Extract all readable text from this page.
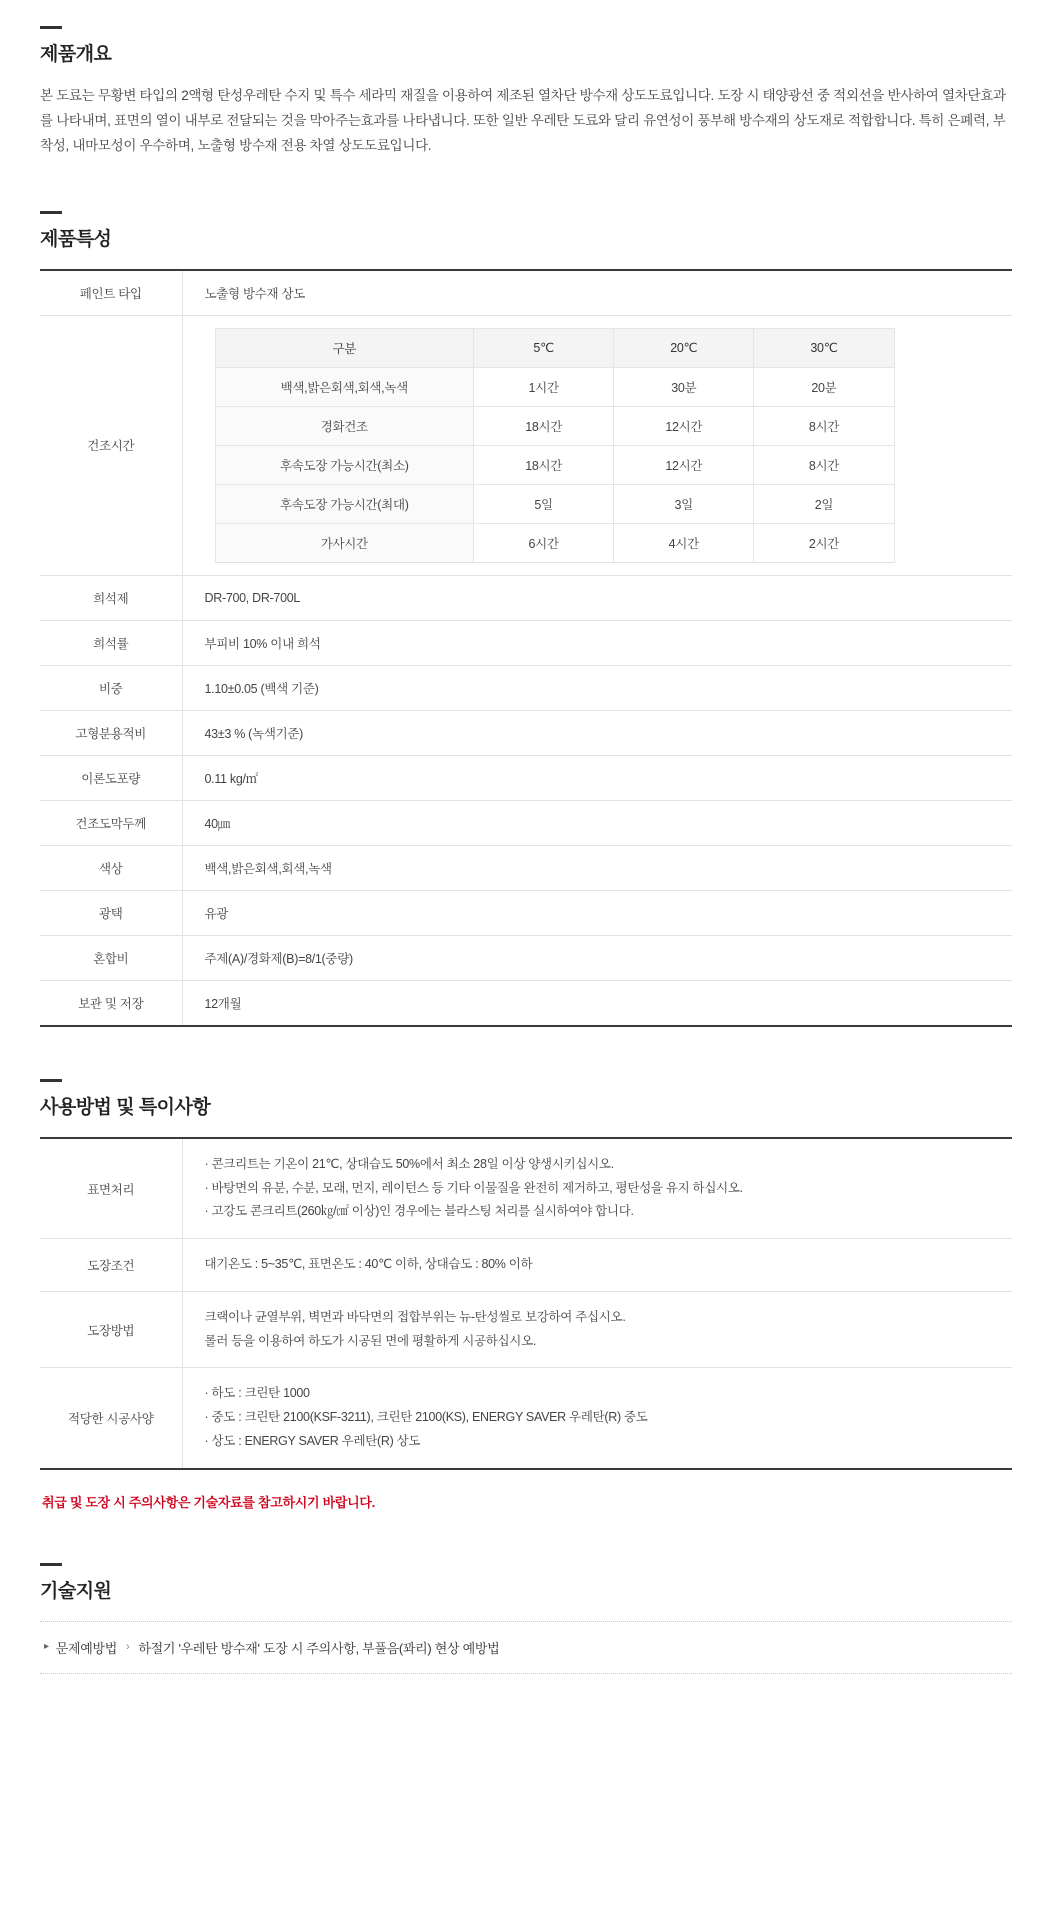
제품개요

본 도료는 무황변 타입의 2액형 탄성우레탄 수지 및 특수 세라믹 재질을 이용하여 제조된 열차단 방수재 상도도료입니다. 도장 시 태양광선 중 적외선을 반사하여 열차단효과를 나타내며, 표면의 열이 내부로 전달되는 것을 막아주는효과를 나타냅니다. 또한 일반 우레탄 도료와 달리 유연성이 풍부해 방수재의 상도재로 적합합니다. 특히 은폐력, 부착성, 내마모성이 우수하며, 노출형 방수재 전용 차열 상도도료입니다.

제품특성
페인트 타입	노출형 방수재 상도
건조시간	
구분	5℃	20℃	30℃
백색,밝은회색,회색,녹색	1시간	30분	20분
경화건조	18시간	12시간	8시간
후속도장 가능시간(최소)	18시간	12시간	8시간
후속도장 가능시간(최대)	5일	3일	2일
가사시간	6시간	4시간	2시간

희석제	DR-700, DR-700L
희석률	부피비 10% 이내 희석
비중	1.10±0.05 (백색 기준)
고형분용적비	43±3 % (녹색기준)
이론도포량	0.11 kg/㎡
건조도막두께	40㎛
색상	백색,밝은회색,회색,녹색
광택	유광
혼합비	주제(A)/경화제(B)=8/1(중량)
보관 및 저장	12개월
사용방법 및 특이사항
표면처리	· 콘크리트는 기온이 21℃, 상대습도 50%에서 최소 28일 이상 양생시키십시오.
· 바탕면의 유분, 수분, 모래, 먼지, 레이턴스 등 기타 이물질을 완전히 제거하고, 평탄성을 유지 하십시오.
· 고강도 콘크리트(260㎏/㎠ 이상)인 경우에는 블라스팅 처리를 실시하여야 합니다.

도장조건	대기온도 : 5~35℃, 표면온도 : 40℃ 이하, 상대습도 : 80% 이하

도장방법	크랙이나 균열부위, 벽면과 바닥면의 접합부위는 뉴-탄성씰로 보강하여 주십시오.
롤러 등을 이용하여 하도가 시공된 면에 평활하게 시공하십시오.

적당한 시공사양	· 하도 : 크린탄 1000
· 중도 : 크린탄 2100(KSF-3211), 크린탄 2100(KS), ENERGY SAVER 우레탄(R) 중도
· 상도 : ENERGY SAVER 우레탄(R) 상도

취급 및 도장 시 주의사항은 기술자료를 참고하시기 바랍니다.

기술지원
▸ 문제예방법 › 하절기 '우레탄 방수재' 도장 시 주의사항, 부풀음(꽈리) 현상 예방법
